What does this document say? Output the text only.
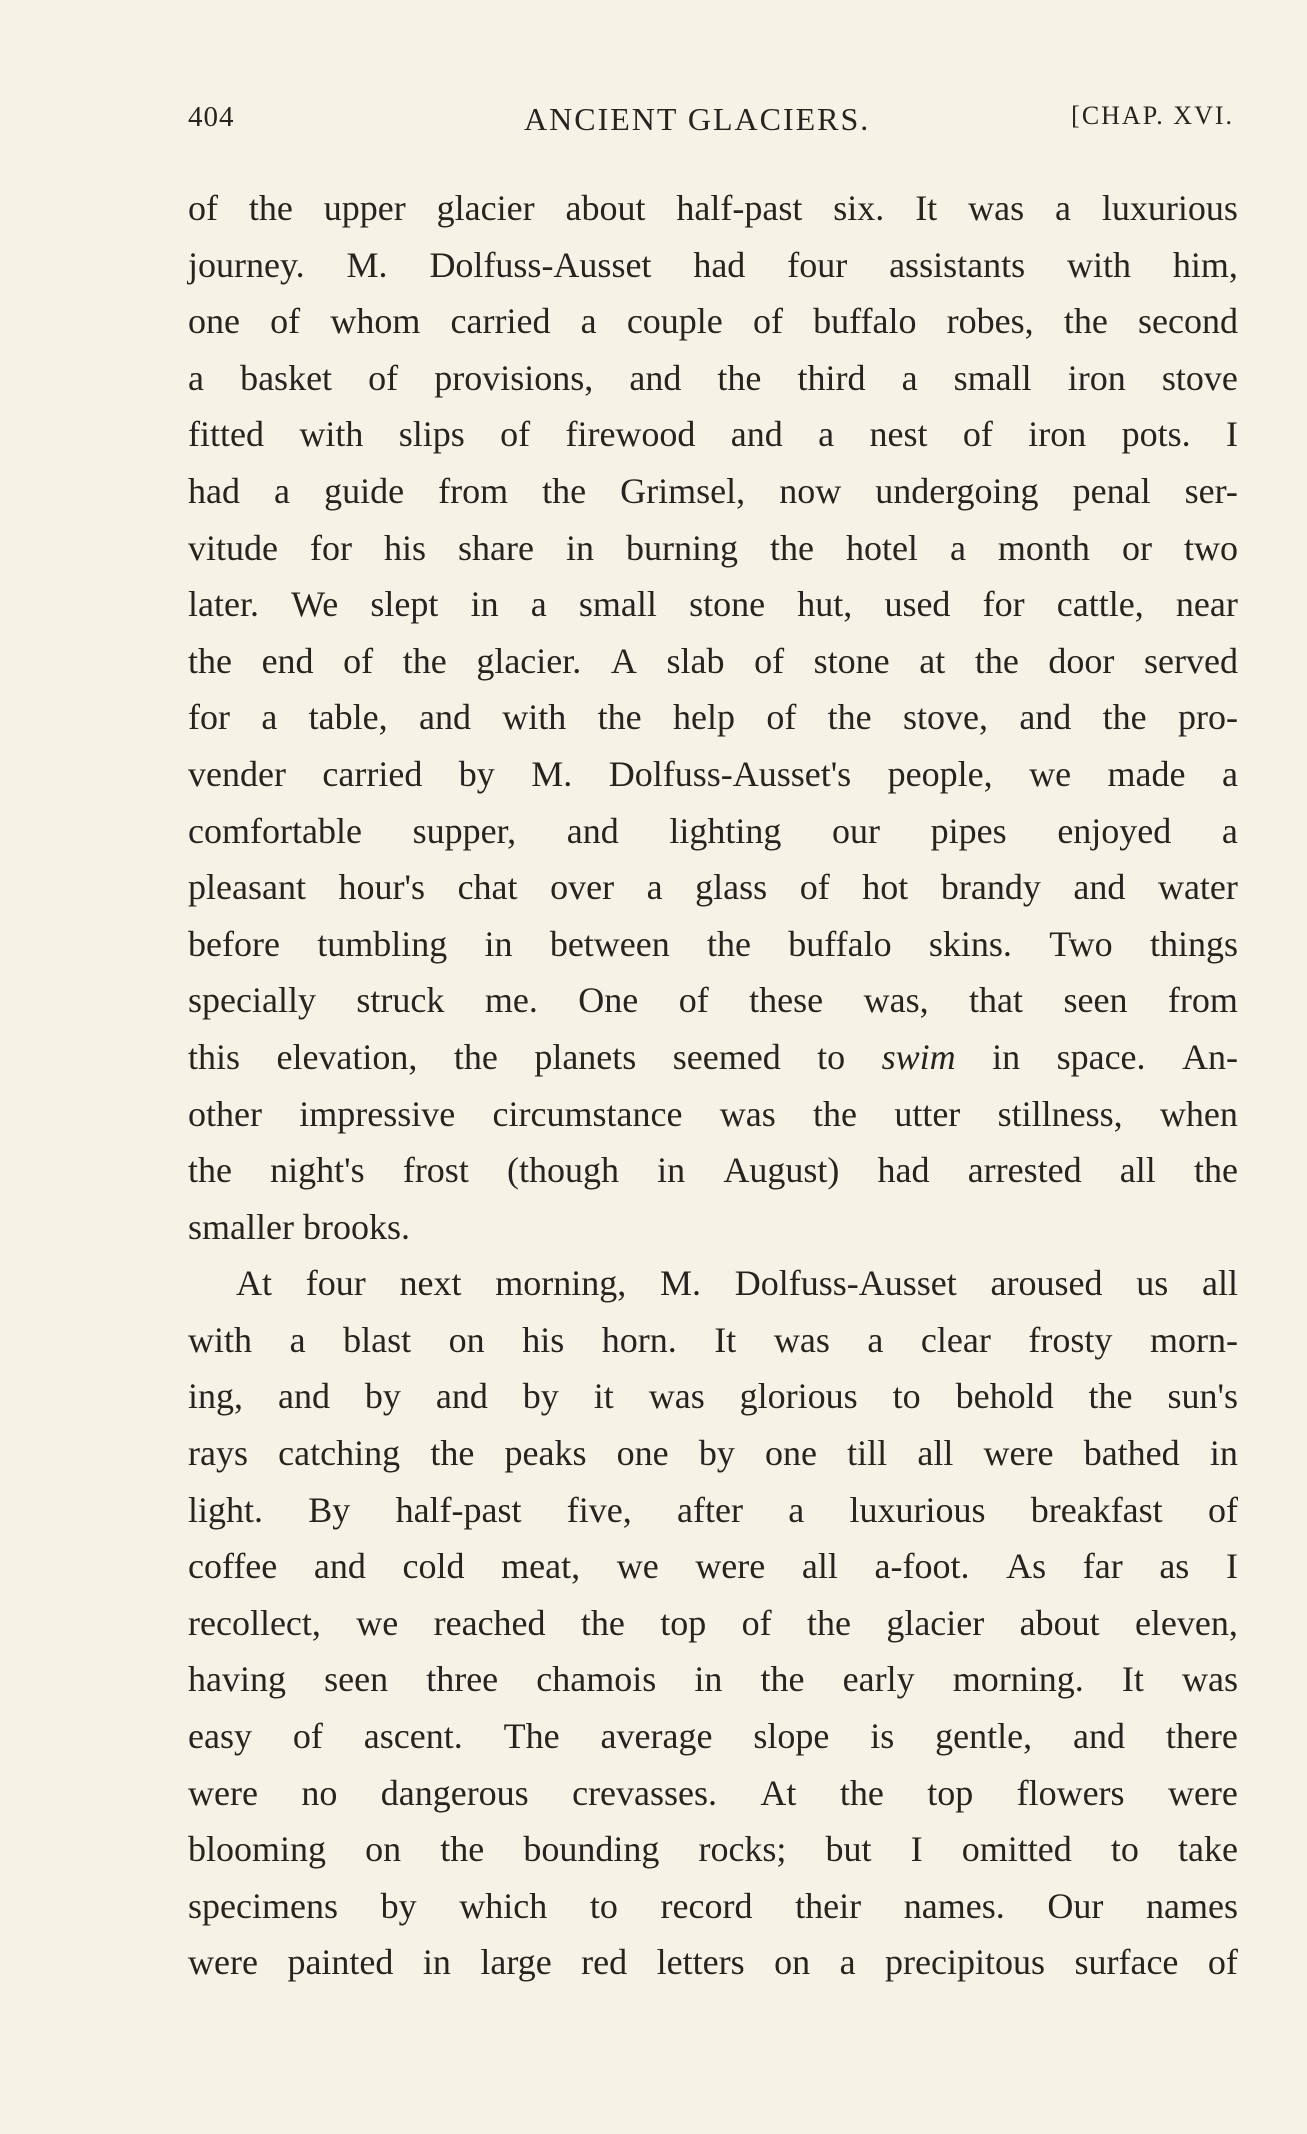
404	ANCIENT GLACIERS.	[CHAP. XVI.
of the upper glacier about half-past six. It was a luxurious
journey. M. Dolfuss-Ausset had four assistants with him,
one of whom carried a couple of buffalo robes, the second
a basket of provisions, and the third a small iron stove
fitted with slips of firewood and a nest of iron pots. I
had a guide from the Grimsel, now undergoing penal ser-
vitude for his share in burning the hotel a month or two
later. We slept in a small stone hut, used for cattle, near
the end of the glacier. A slab of stone at the door served
for a table, and with the help of the stove, and the pro-
vender carried by M. Dolfuss-Ausset's people, we made a
comfortable supper, and lighting our pipes enjoyed a
pleasant hour's chat over a glass of hot brandy and water
before tumbling in between the buffalo skins. Two things
specially struck me. One of these was, that seen from
this elevation, the planets seemed to swim in space. An-
other impressive circumstance was the utter stillness, when
the night's frost (though in August) had arrested all the
smaller brooks.
At four next morning, M. Dolfuss-Ausset aroused us all
with a blast on his horn. It was a clear frosty morn-
ing, and by and by it was glorious to behold the sun's
rays catching the peaks one by one till all were bathed in
light. By half-past five, after a luxurious breakfast of
coffee and cold meat, we were all a-foot. As far as I
recollect, we reached the top of the glacier about eleven,
having seen three chamois in the early morning. It was
easy of ascent. The average slope is gentle, and there
were no dangerous crevasses. At the top flowers were
blooming on the bounding rocks; but I omitted to take
specimens by which to record their names. Our names
were painted in large red letters on a precipitous surface of
